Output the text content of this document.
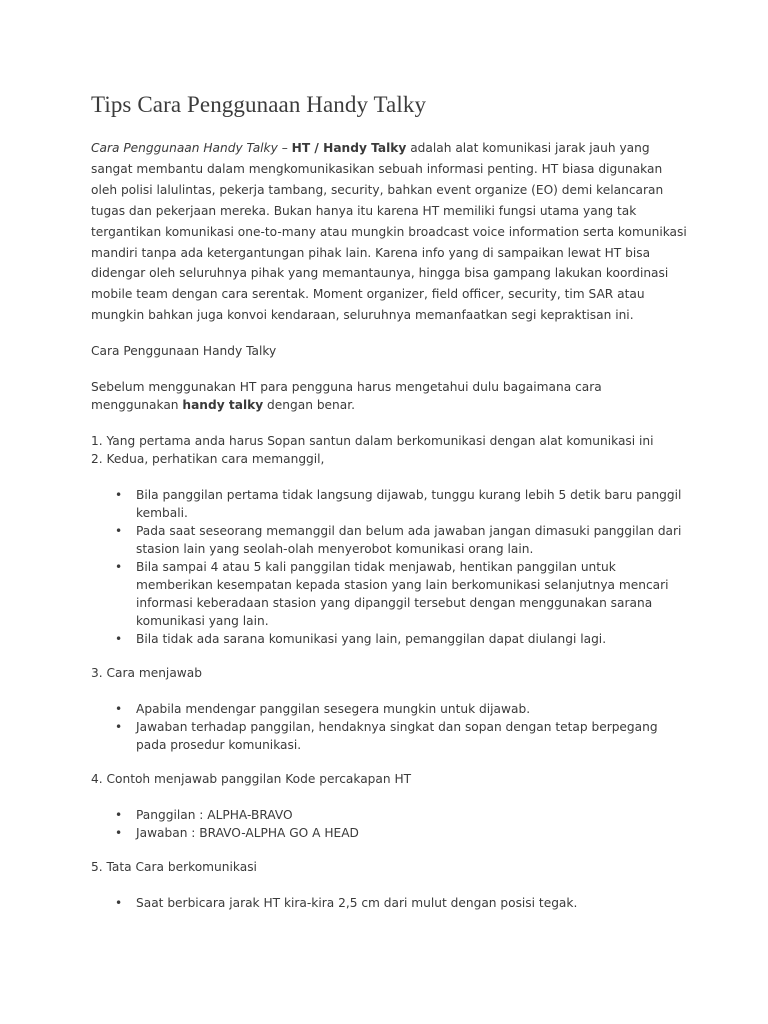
Tips Cara Penggunaan Handy Talky

Cara Penggunaan Handy Talky – HT / Handy Talky adalah alat komunikasi jarak jauh yang sangat membantu dalam mengkomunikasikan sebuah informasi penting. HT biasa digunakan oleh polisi lalulintas, pekerja tambang, security, bahkan event organize (EO) demi kelancaran tugas dan pekerjaan mereka. Bukan hanya itu karena HT memiliki fungsi utama yang tak tergantikan komunikasi one-to-many atau mungkin broadcast voice information serta komunikasi mandiri tanpa ada ketergantungan pihak lain. Karena info yang di sampaikan lewat HT bisa didengar oleh seluruhnya pihak yang memantaunya, hingga bisa gampang lakukan koordinasi mobile team dengan cara serentak. Moment organizer, field officer, security, tim SAR atau mungkin bahkan juga konvoi kendaraan, seluruhnya memanfaatkan segi kepraktisan ini.

Cara Penggunaan Handy Talky

Sebelum menggunakan HT para pengguna harus mengetahui dulu bagaimana cara menggunakan handy talky dengan benar.

1. Yang pertama anda harus Sopan santun dalam berkomunikasi dengan alat komunikasi ini
2. Kedua, perhatikan cara memanggil,

• Bila panggilan pertama tidak langsung dijawab, tunggu kurang lebih 5 detik baru panggil kembali.
• Pada saat seseorang memanggil dan belum ada jawaban jangan dimasuki panggilan dari stasion lain yang seolah-olah menyerobot komunikasi orang lain.
• Bila sampai 4 atau 5 kali panggilan tidak menjawab, hentikan panggilan untuk memberikan kesempatan kepada stasion yang lain berkomunikasi selanjutnya mencari informasi keberadaan stasion yang dipanggil tersebut dengan menggunakan sarana komunikasi yang lain.
• Bila tidak ada sarana komunikasi yang lain, pemanggilan dapat diulangi lagi.

3. Cara menjawab

• Apabila mendengar panggilan sesegera mungkin untuk dijawab.
• Jawaban terhadap panggilan, hendaknya singkat dan sopan dengan tetap berpegang pada prosedur komunikasi.

4. Contoh menjawab panggilan Kode percakapan HT

• Panggilan : ALPHA-BRAVO
• Jawaban : BRAVO-ALPHA GO A HEAD

5. Tata Cara berkomunikasi

• Saat berbicara jarak HT kira-kira 2,5 cm dari mulut dengan posisi tegak.
